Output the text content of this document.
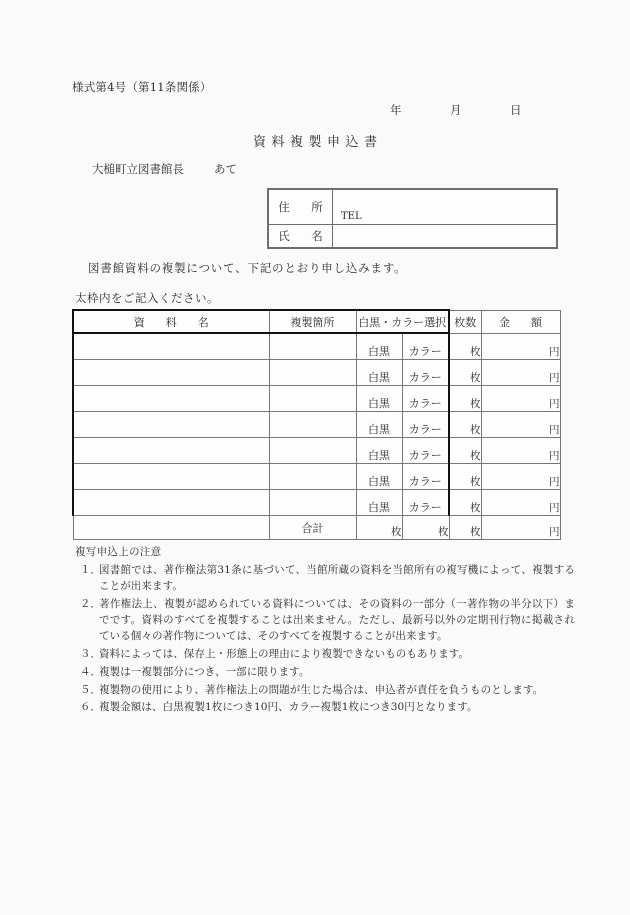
様式第4号（第11条関係）
年	月	日
資料複製申込書
大槌町立図書館長	あて
住　所	TEL

氏　名	
図書館資料の複製について、下記のとおり申し込みます。
太枠内をご記入ください。
資　料　名	複製箇所	白黒・カラー選択		枚数	金　額
		白黒	カラー	枚	円
		白黒	カラー	枚	円
		白黒	カラー	枚	円
		白黒	カラー	枚	円
		白黒	カラー	枚	円
		白黒	カラー	枚	円
		白黒	カラー	枚	円
	合計	枚	枚	枚	円
複写申込上の注意
１．
図書館では、著作権法第31条に基づいて、当館所蔵の資料を当館所有の複写機によって、複製することが出来ます。
２．
著作権法上、複製が認められている資料については、その資料の一部分（一著作物の半分以下）までです。資料のすべてを複製することは出来ません。ただし、最新号以外の定期刊行物に掲載されている個々の著作物については、そのすべてを複製することが出来ます。
３．
資料によっては、保存上・形態上の理由により複製できないものもあります。
４．
複製は一複製部分につき、一部に限ります。
５．
複製物の使用により、著作権法上の問題が生じた場合は、申込者が責任を負うものとします。
６．
複製金額は、白黒複製1枚につき10円、カラー複製1枚につき30円となります。
